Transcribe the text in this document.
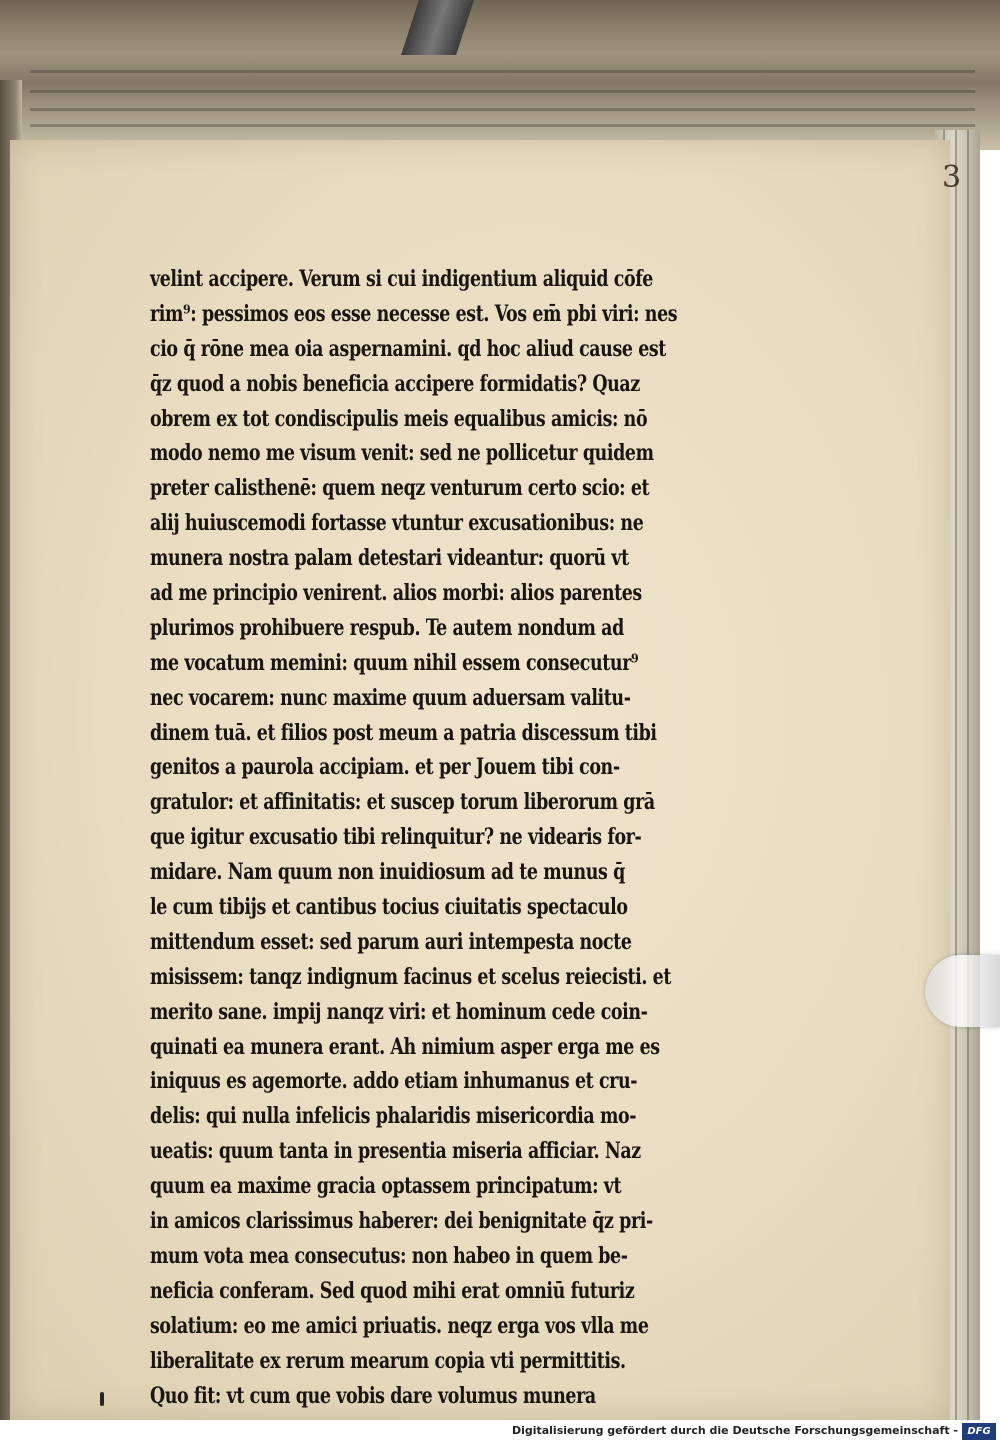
3
velint accipere. Verum si cui indigentium aliquid cōfe
rim⁹: pessimos eos esse necesse est. Vos em̄ pbi viri: nes
cio q̄ rōne mea oia aspernamini. qd hoc aliud cause est
q̄z quod a nobis beneficia accipere formidatis? Quaz
obrem ex tot condiscipulis meis equalibus amicis: nō
modo nemo me visum venit: sed ne pollicetur quidem
preter calisthenē: quem neqz venturum certo scio: et
alij huiuscemodi fortasse vtuntur excusationibus: ne
munera nostra palam detestari videantur: quorū vt
ad me principio venirent. alios morbi: alios parentes
plurimos prohibuere respub. Te autem nondum ad
me vocatum memini: quum nihil essem consecutur⁹
nec vocarem: nunc maxime quum aduersam valitu-
dinem tuā. et filios post meum a patria discessum tibi
genitos a paurola accipiam. et per Jouem tibi con-
gratulor: et affinitatis: et suscep torum liberorum grā
que igitur excusatio tibi relinquitur? ne videaris for-
midare. Nam quum non inuidiosum ad te munus q̄
le cum tibijs et cantibus tocius ciuitatis spectaculo
mittendum esset: sed parum auri intempesta nocte
misissem: tanqz indignum facinus et scelus reiecisti. et
merito sane. impij nanqz viri: et hominum cede coin-
quinati ea munera erant. Ah nimium asper erga me es
iniquus es agemorte. addo etiam inhumanus et cru-
delis: qui nulla infelicis phalaridis misericordia mo-
ueatis: quum tanta in presentia miseria afficiar. Naz
quum ea maxime gracia optassem principatum: vt
in amicos clarissimus haberer: dei benignitate q̄z pri-
mum vota mea consecutus: non habeo in quem be-
neficia conferam. Sed quod mihi erat omniū futuriz
solatium: eo me amici priuatis. neqz erga vos vlla me
liberalitate ex rerum mearum copia vti permittitis.
Quo fit: vt cum que vobis dare volumus munera
Digitalisierung gefördert durch die Deutsche Forschungsgemeinschaft - DFG
